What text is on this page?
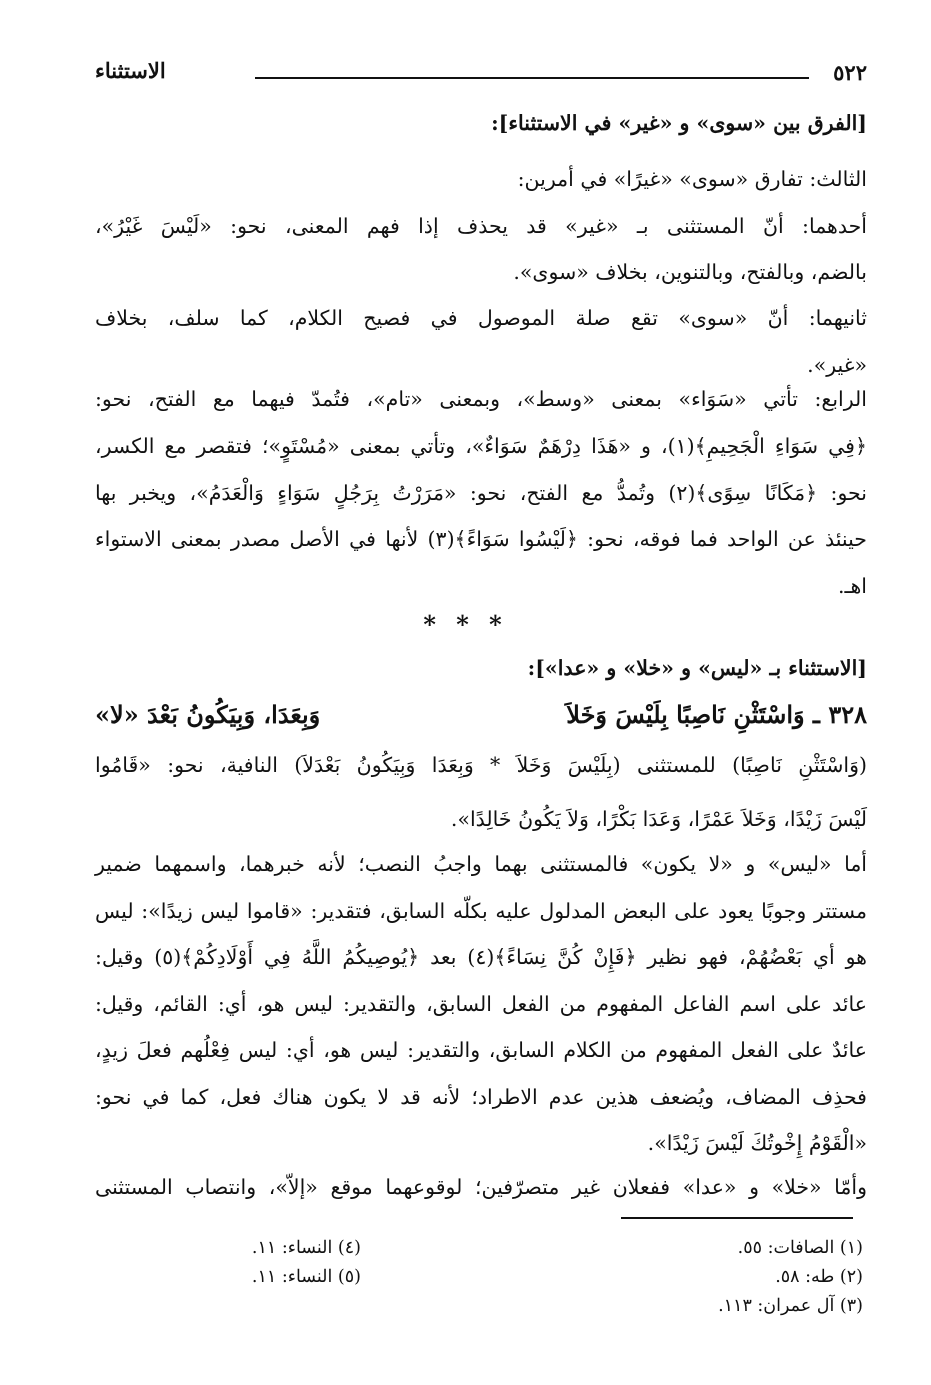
٥٢٢
الاستثناء
[الفرق بين «سوى» و «غير» في الاستثناء]:
الثالث: تفارق «سوى» «غيرًا» في أمرين:
أحدهما: أنّ المستثنى بـ «غير» قد يحذف إذا فهم المعنى، نحو: «لَيْسَ غَيْرُ»،
بالضم، وبالفتح، وبالتنوين، بخلاف «سوى».
ثانيهما: أنّ «سوى» تقع صلة الموصول في فصيح الكلام، كما سلف، بخلاف
«غير».
الرابع: تأتي «سَوَاء» بمعنى «وسط»، وبمعنى «تام»، فتُمدّ فيهما مع الفتح، نحو:
﴿فِي سَوَاءِ الْجَحِيمِ﴾(١)، و «هَذَا دِرْهَمٌ سَوَاءٌ»، وتأتي بمعنى «مُسْتَوٍ»؛ فتقصر مع الكسر،
نحو: ﴿مَكَانًا سِوًى﴾(٢) وتُمدُّ مع الفتح، نحو: «مَرَرْتُ بِرَجُلٍ سَوَاءٍ وَالْعَدَمُ»، ويخبر بها
حينئذ عن الواحد فما فوقه، نحو: ﴿لَيْسُوا سَوَاءً﴾(٣) لأنها في الأصل مصدر بمعنى الاستواء
اهـ.
* * *
[الاستثناء بـ «ليس» و «خلا» و «عدا»]:
٣٢٨ ـ وَاسْتَثْنِ نَاصِبًا بِلَيْسَ وَخَلاَ
وَبِعَدَا، وَبِيَكُونُ بَعْدَ «لا»
(وَاسْتَثْنِ نَاصِبًا) للمستثنى (بِلَيْسَ وَخَلاَ * وَبِعَدَا وَبِيَكُونُ بَعْدَلاَ) النافية، نحو: «قَامُوا
لَيْسَ زَيْدًا، وَخَلاَ عَمْرًا، وَعَدَا بَكْرًا، وَلاَ يَكُونُ خَالِدًا».
أما «ليس» و «لا يكون» فالمستثنى بهما واجبُ النصب؛ لأنه خبرهما، واسمهما ضمير
مستتر وجوبًا يعود على البعض المدلول عليه بكلّه السابق، فتقدير: «قاموا ليس زيدًا»: ليس
هو أي بَعْضُهُمْ، فهو نظير ﴿فَإِنْ كُنَّ نِسَاءً﴾(٤) بعد ﴿يُوصِيكُمُ اللَّهُ فِي أَوْلَادِكُمْ﴾(٥) وقيل:
عائد على اسم الفاعل المفهوم من الفعل السابق، والتقدير: ليس هو، أي: القائم، وقيل:
عائدٌ على الفعل المفهوم من الكلام السابق، والتقدير: ليس هو، أي: ليس فِعْلُهم فعلَ زيدٍ،
فحذِف المضاف، ويُضعف هذين عدم الاطراد؛ لأنه قد لا يكون هناك فعل، كما في نحو:
«الْقَوْمُ إِخْوتُكَ لَيْسَ زَيْدًا».
وأمّا «خلا» و «عدا» ففعلان غير متصرّفين؛ لوقوعهما موقع «إلاّ»، وانتصاب المستثنى
(١) الصافات: ٥٥.
(٢) طه: ٥٨.
(٣) آل عمران: ١١٣.
(٤) النساء: ١١.
(٥) النساء: ١١.
